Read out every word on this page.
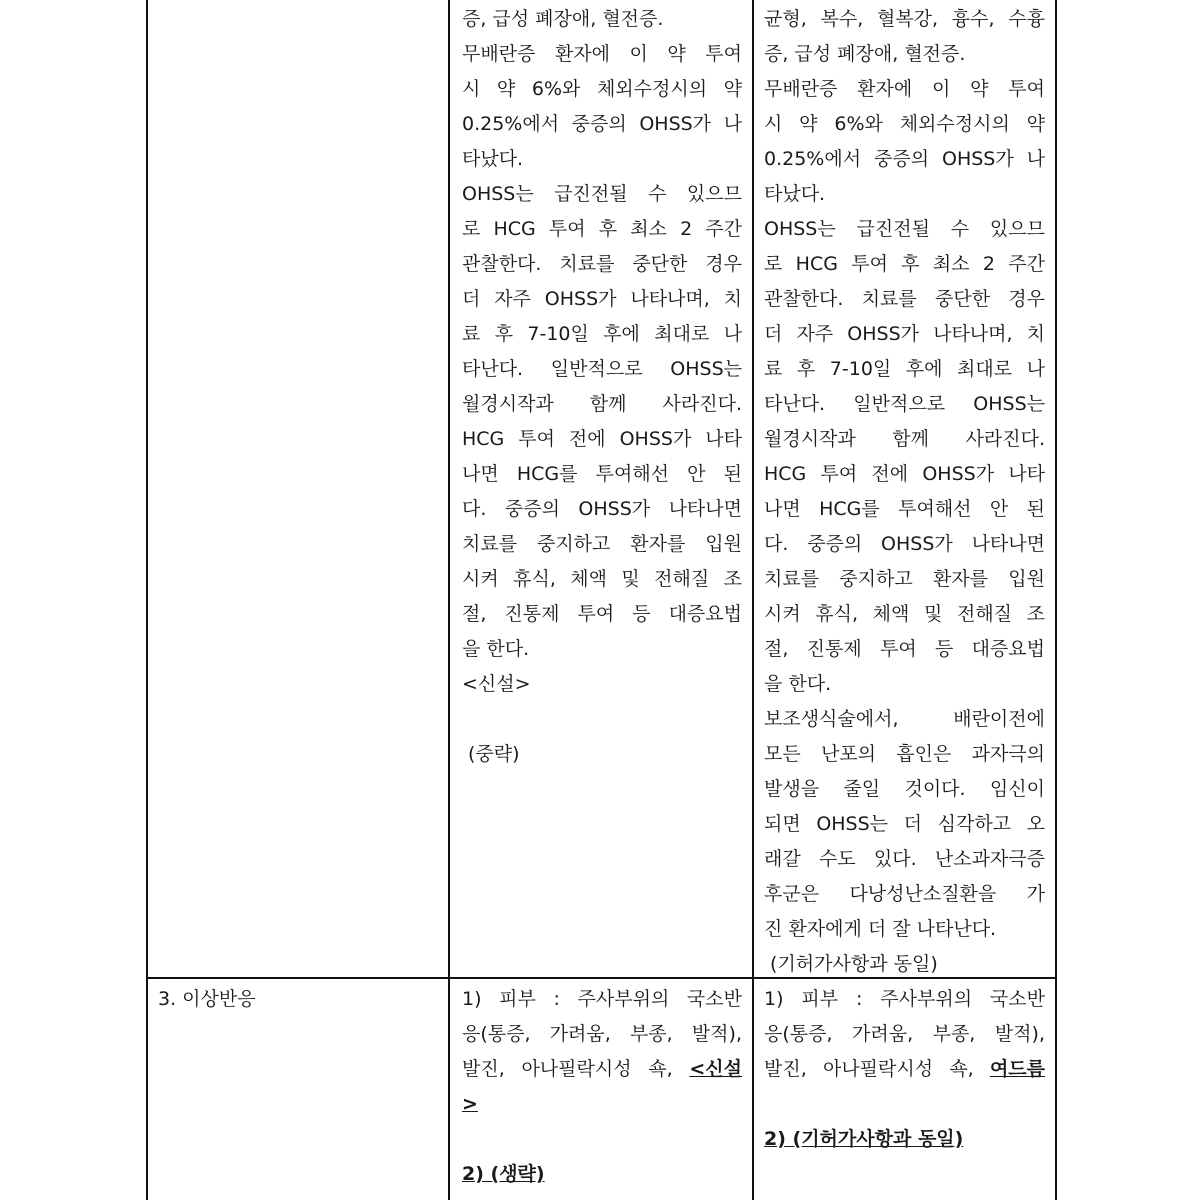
증, 급성 폐장애, 혈전증.
무배란증 환자에 이 약 투여
시 약 6%와 체외수정시의 약
0.25%에서 중증의 OHSS가 나
타났다.
OHSS는 급진전될 수 있으므
로 HCG 투여 후 최소 2 주간
관찰한다. 치료를 중단한 경우
더 자주 OHSS가 나타나며, 치
료 후 7-10일 후에 최대로 나
타난다. 일반적으로 OHSS는
월경시작과 함께 사라진다.
HCG 투여 전에 OHSS가 나타
나면 HCG를 투여해선 안 된
다. 중증의 OHSS가 나타나면
치료를 중지하고 환자를 입원
시켜 휴식, 체액 및 전해질 조
절, 진통제 투여 등 대증요법
을 한다.
<신설>
(중략)
균형, 복수, 혈복강, 흉수, 수흉
증, 급성 폐장애, 혈전증.
무배란증 환자에 이 약 투여
시 약 6%와 체외수정시의 약
0.25%에서 중증의 OHSS가 나
타났다.
OHSS는 급진전될 수 있으므
로 HCG 투여 후 최소 2 주간
관찰한다. 치료를 중단한 경우
더 자주 OHSS가 나타나며, 치
료 후 7-10일 후에 최대로 나
타난다. 일반적으로 OHSS는
월경시작과 함께 사라진다.
HCG 투여 전에 OHSS가 나타
나면 HCG를 투여해선 안 된
다. 중증의 OHSS가 나타나면
치료를 중지하고 환자를 입원
시켜 휴식, 체액 및 전해질 조
절, 진통제 투여 등 대증요법
을 한다.
보조생식술에서, 배란이전에
모든 난포의 흡인은 과자극의
발생을 줄일 것이다. 임신이
되면 OHSS는 더 심각하고 오
래갈 수도 있다. 난소과자극증
후군은 다낭성난소질환을 가
진 환자에게 더 잘 나타난다.
(기허가사항과 동일)
3. 이상반응	1) 피부 : 주사부위의 국소반
응(통증, 가려움, 부종, 발적),
발진, 아나필락시성 쇽, <신설
>
2) (생략)
1) 피부 : 주사부위의 국소반
응(통증, 가려움, 부종, 발적),
발진, 아나필락시성 쇽, 여드름
2) (기허가사항과 동일)
